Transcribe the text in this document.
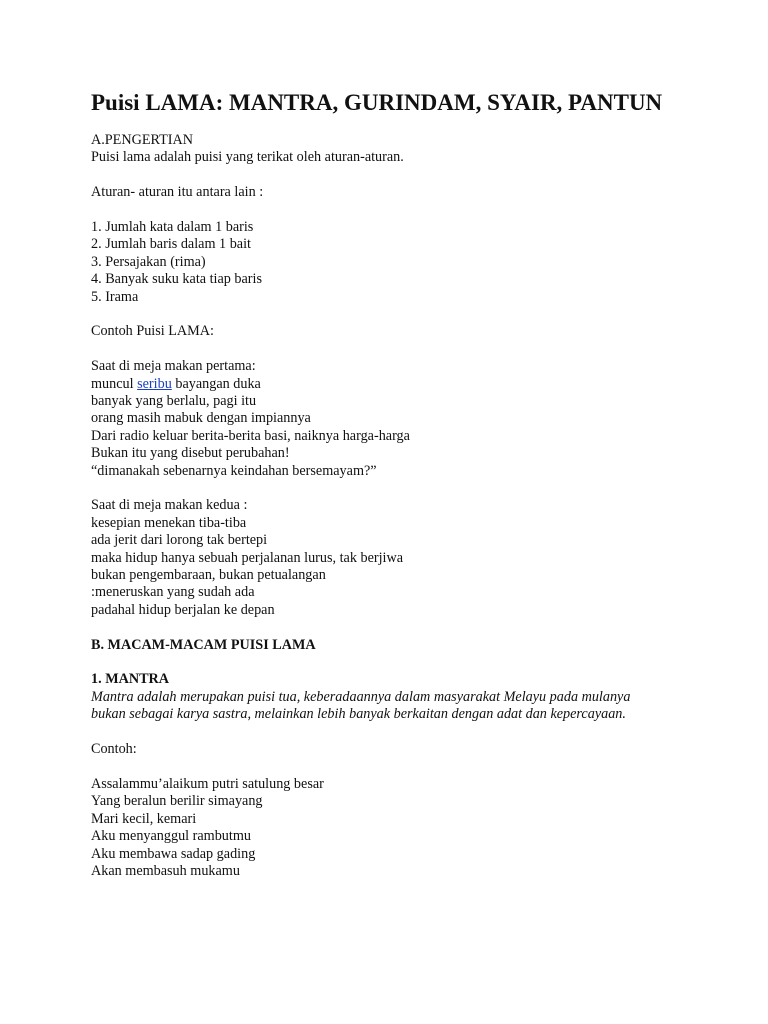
Puisi LAMA: MANTRA, GURINDAM, SYAIR, PANTUN
A.PENGERTIAN
Puisi lama adalah puisi yang terikat oleh aturan-aturan.
Aturan- aturan itu antara lain :
1. Jumlah kata dalam 1 baris
2. Jumlah baris dalam 1 bait
3. Persajakan (rima)
4. Banyak suku kata tiap baris
5. Irama
Contoh Puisi LAMA:
Saat di meja makan pertama:
muncul seribu bayangan duka
banyak yang berlalu, pagi itu
orang masih mabuk dengan impiannya
Dari radio keluar berita-berita basi, naiknya harga-harga
Bukan itu yang disebut perubahan!
“dimanakah sebenarnya keindahan bersemayam?”
Saat di meja makan kedua :
kesepian menekan tiba-tiba
ada jerit dari lorong tak bertepi
maka hidup hanya sebuah perjalanan lurus, tak berjiwa
bukan pengembaraan, bukan petualangan
:meneruskan yang sudah ada
padahal hidup berjalan ke depan
B. MACAM-MACAM PUISI LAMA
1. MANTRA
Mantra adalah merupakan puisi tua, keberadaannya dalam masyarakat Melayu pada mulanya
bukan sebagai karya sastra, melainkan lebih banyak berkaitan dengan adat dan kepercayaan.
Contoh:
Assalammu’alaikum putri satulung besar
Yang beralun berilir simayang
Mari kecil, kemari
Aku menyanggul rambutmu
Aku membawa sadap gading
Akan membasuh mukamu
